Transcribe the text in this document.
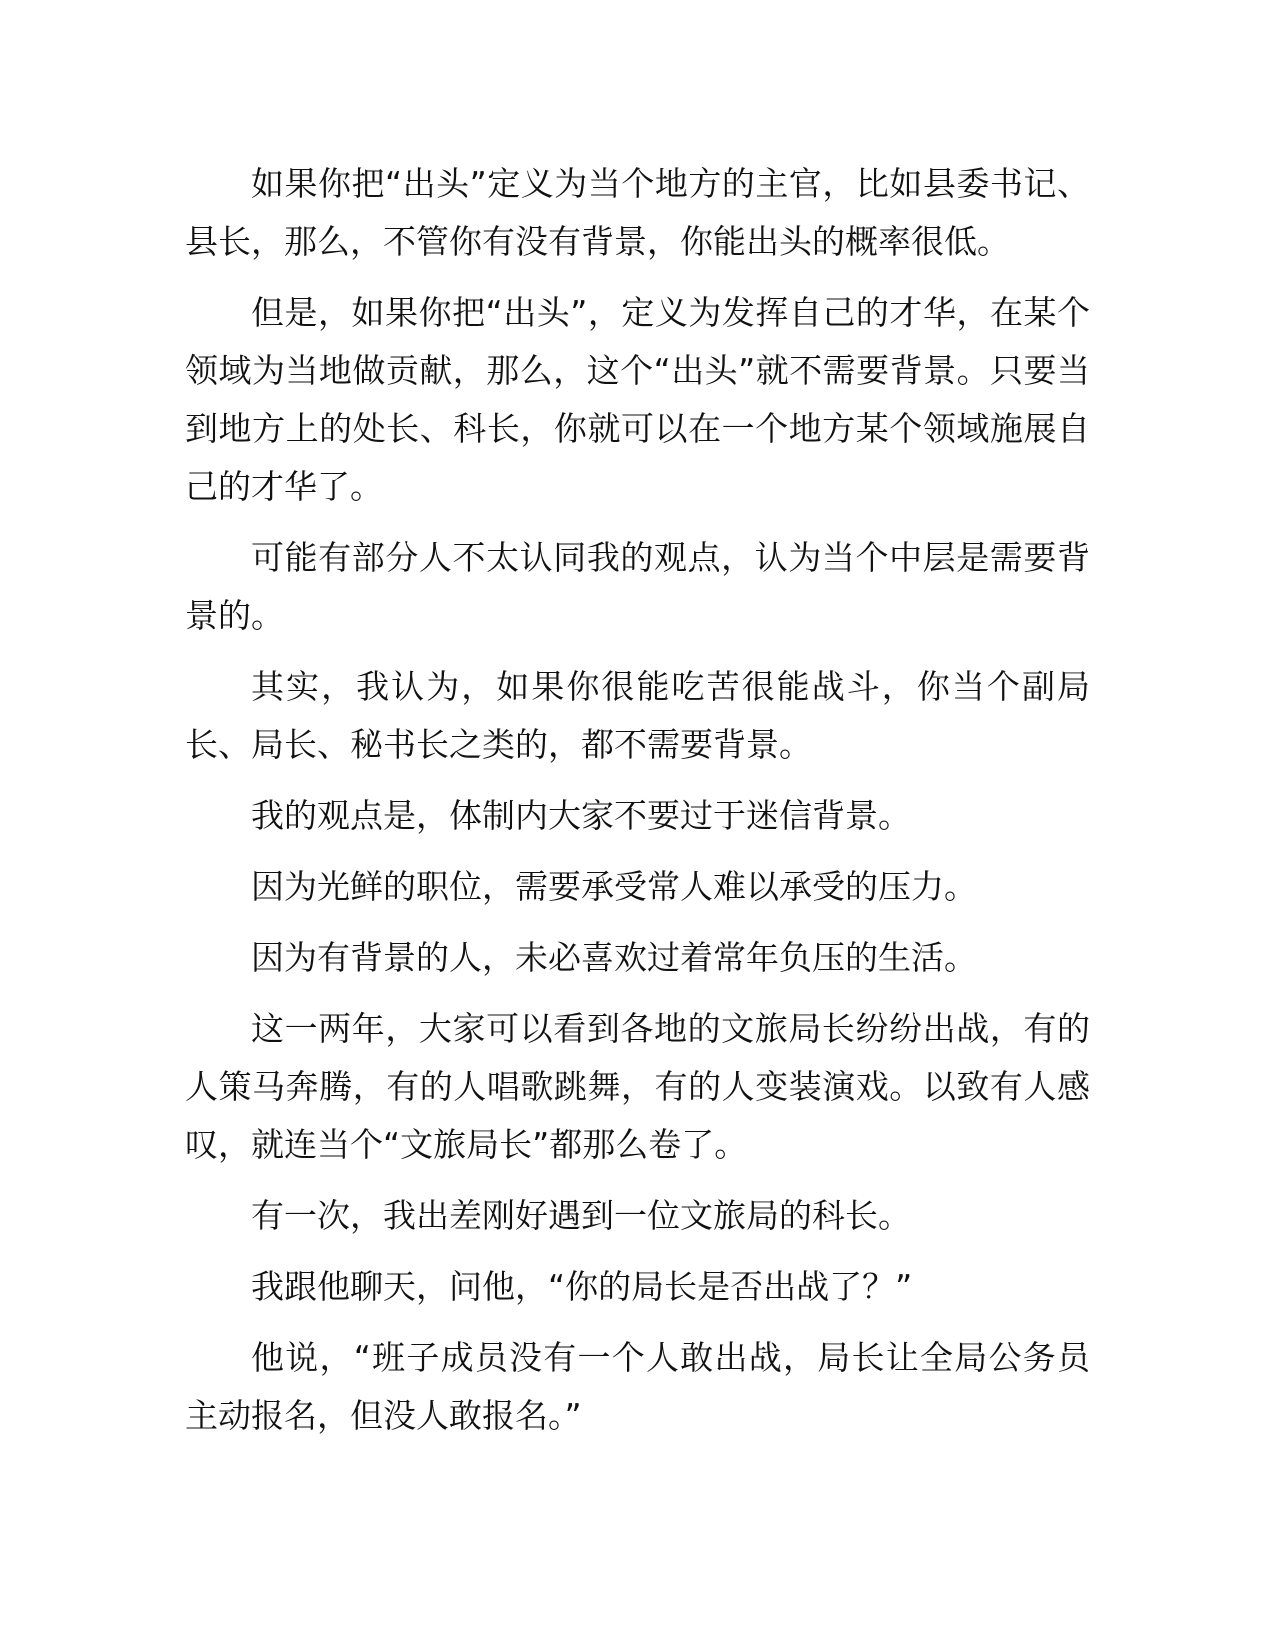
如果你把“出头”定义为当个地方的主官，比如县委书记、县长，那么，不管你有没有背景，你能出头的概率很低。

但是，如果你把“出头”，定义为发挥自己的才华，在某个领域为当地做贡献，那么，这个“出头”就不需要背景。只要当到地方上的处长、科长，你就可以在一个地方某个领域施展自己的才华了。

可能有部分人不太认同我的观点，认为当个中层是需要背景的。

其实，我认为，如果你很能吃苦很能战斗，你当个副局长、局长、秘书长之类的，都不需要背景。

我的观点是，体制内大家不要过于迷信背景。

因为光鲜的职位，需要承受常人难以承受的压力。

因为有背景的人，未必喜欢过着常年负压的生活。

这一两年，大家可以看到各地的文旅局长纷纷出战，有的人策马奔腾，有的人唱歌跳舞，有的人变装演戏。以致有人感叹，就连当个“文旅局长”都那么卷了。

有一次，我出差刚好遇到一位文旅局的科长。

我跟他聊天，问他，“你的局长是否出战了？”

他说，“班子成员没有一个人敢出战，局长让全局公务员主动报名，但没人敢报名。”
